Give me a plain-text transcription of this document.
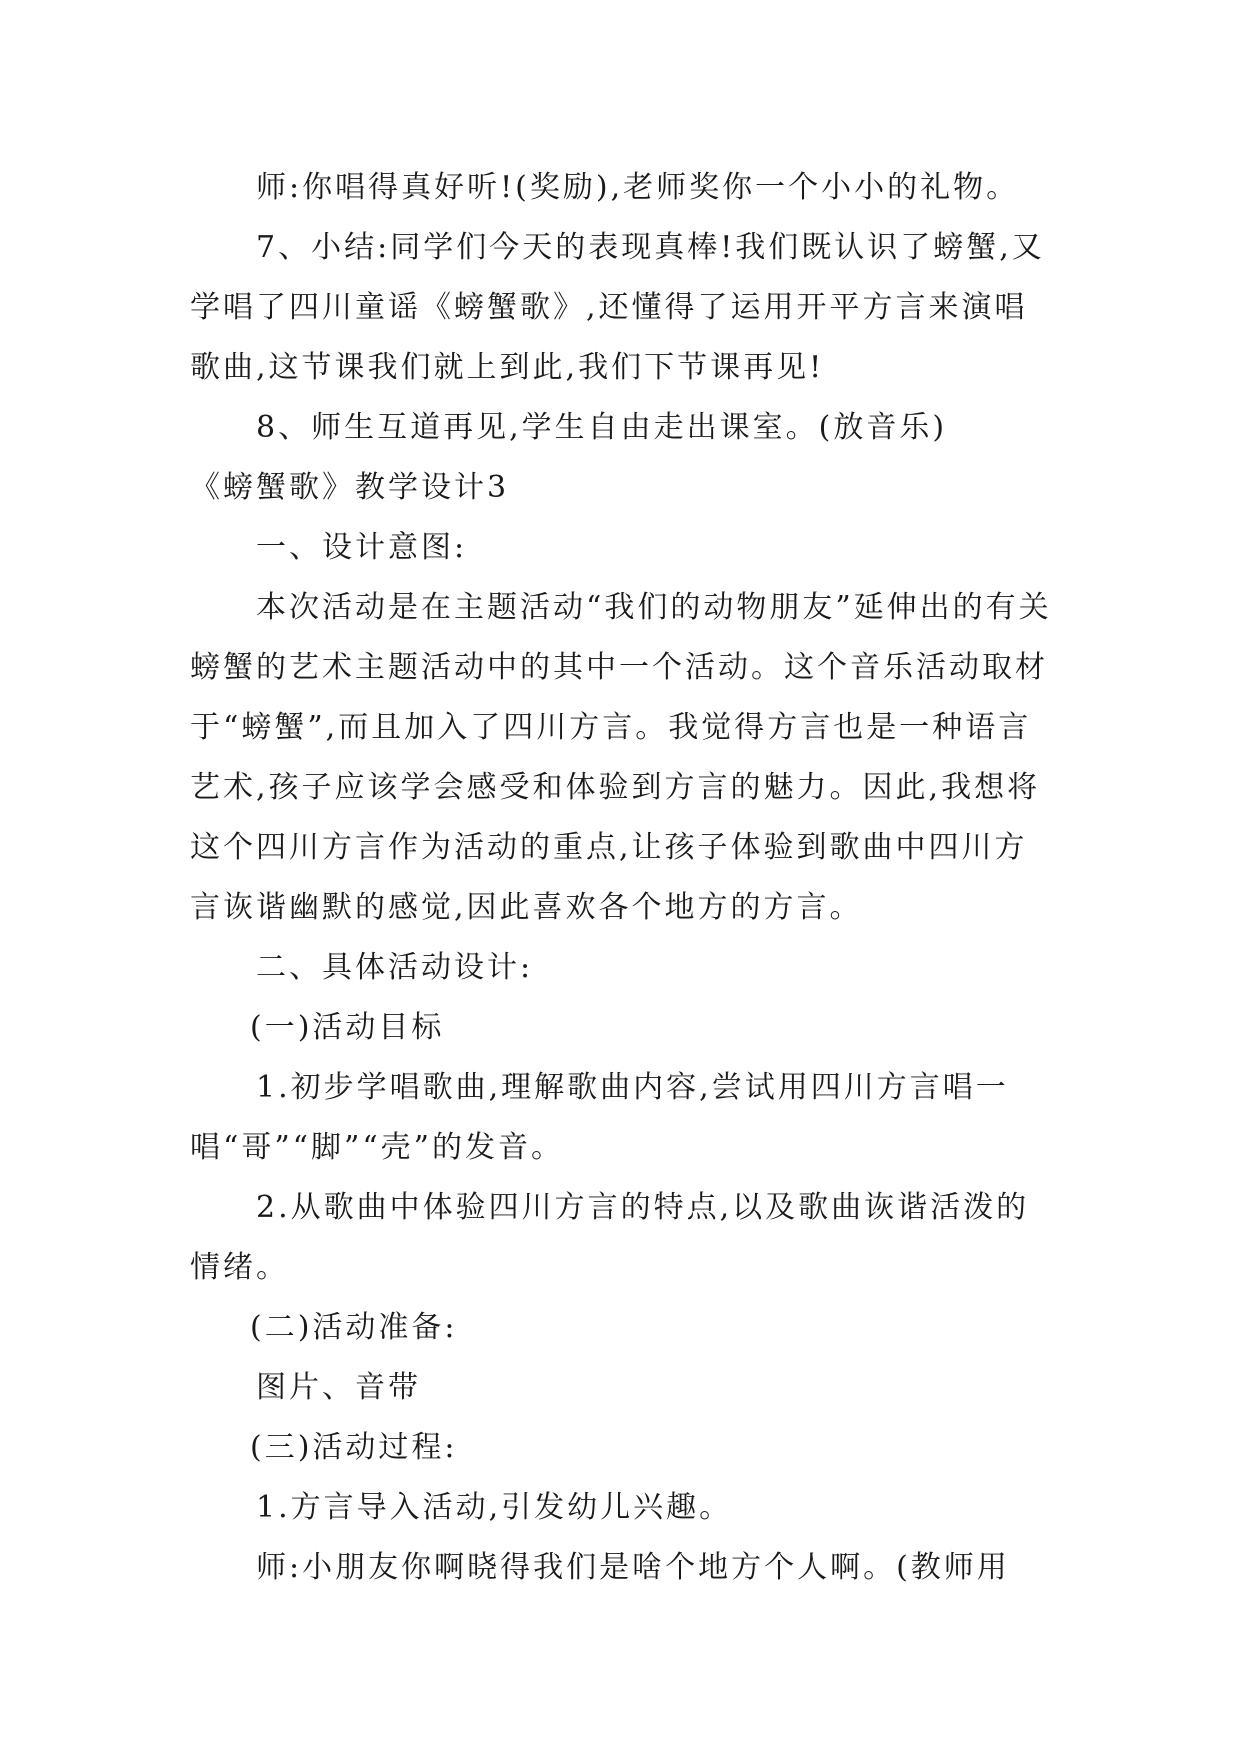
师:你唱得真好听!(奖励),老师奖你一个小小的礼物。

7、小结:同学们今天的表现真棒!我们既认识了螃蟹,又学唱了四川童谣《螃蟹歌》,还懂得了运用开平方言来演唱歌曲,这节课我们就上到此,我们下节课再见!

8、师生互道再见,学生自由走出课室。(放音乐)

《螃蟹歌》教学设计3

一、设计意图:

本次活动是在主题活动“我们的动物朋友”延伸出的有关螃蟹的艺术主题活动中的其中一个活动。这个音乐活动取材于“螃蟹”,而且加入了四川方言。我觉得方言也是一种语言艺术,孩子应该学会感受和体验到方言的魅力。因此,我想将这个四川方言作为活动的重点,让孩子体验到歌曲中四川方言诙谐幽默的感觉,因此喜欢各个地方的方言。

二、具体活动设计:

(一)活动目标

1.初步学唱歌曲,理解歌曲内容,尝试用四川方言唱一唱“哥”“脚”“壳”的发音。

2.从歌曲中体验四川方言的特点,以及歌曲诙谐活泼的情绪。

(二)活动准备:

图片、音带

(三)活动过程:

1.方言导入活动,引发幼儿兴趣。

师:小朋友你啊晓得我们是啥个地方个人啊。(教师用
